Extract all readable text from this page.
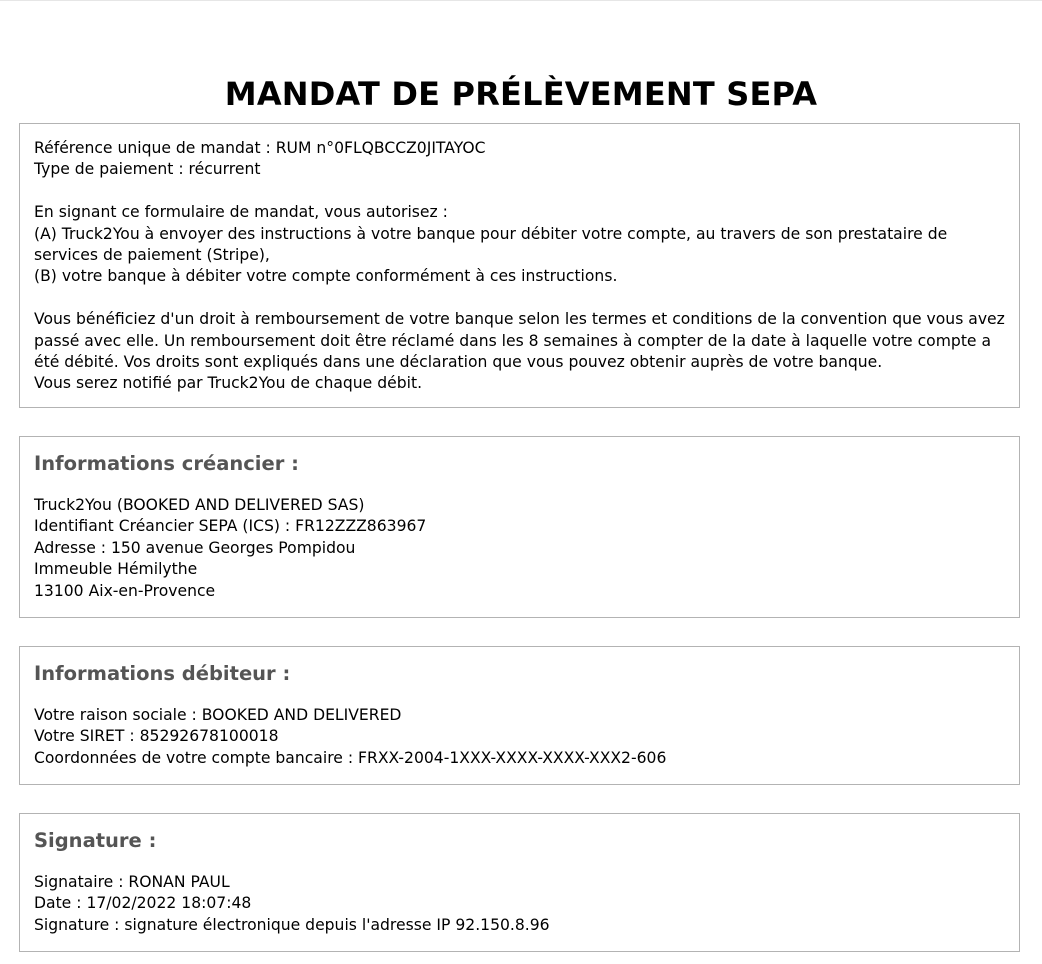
MANDAT DE PRÉLÈVEMENT SEPA

Référence unique de mandat : RUM n°0FLQBCCZ0JITAYOC

Type de paiement : récurrent

En signant ce formulaire de mandat, vous autorisez :

(A) Truck2You à envoyer des instructions à votre banque pour débiter votre compte, au travers de son prestataire de services de paiement (Stripe),

(B) votre banque à débiter votre compte conformément à ces instructions.

Vous bénéficiez d'un droit à remboursement de votre banque selon les termes et conditions de la convention que vous avez passé avec elle. Un remboursement doit être réclamé dans les 8 semaines à compter de la date à laquelle votre compte a été débité. Vos droits sont expliqués dans une déclaration que vous pouvez obtenir auprès de votre banque.

Vous serez notifié par Truck2You de chaque débit.

Informations créancier :

Truck2You (BOOKED AND DELIVERED SAS)

Identifiant Créancier SEPA (ICS) : FR12ZZZ863967

Adresse : 150 avenue Georges Pompidou

Immeuble Hémilythe

13100 Aix-en-Provence

Informations débiteur :

Votre raison sociale : BOOKED AND DELIVERED

Votre SIRET : 85292678100018

Coordonnées de votre compte bancaire : FRXX-2004-1XXX-XXXX-XXXX-XXX2-606

Signature :

Signataire : RONAN PAUL

Date : 17/02/2022 18:07:48

Signature : signature électronique depuis l'adresse IP 92.150.8.96
